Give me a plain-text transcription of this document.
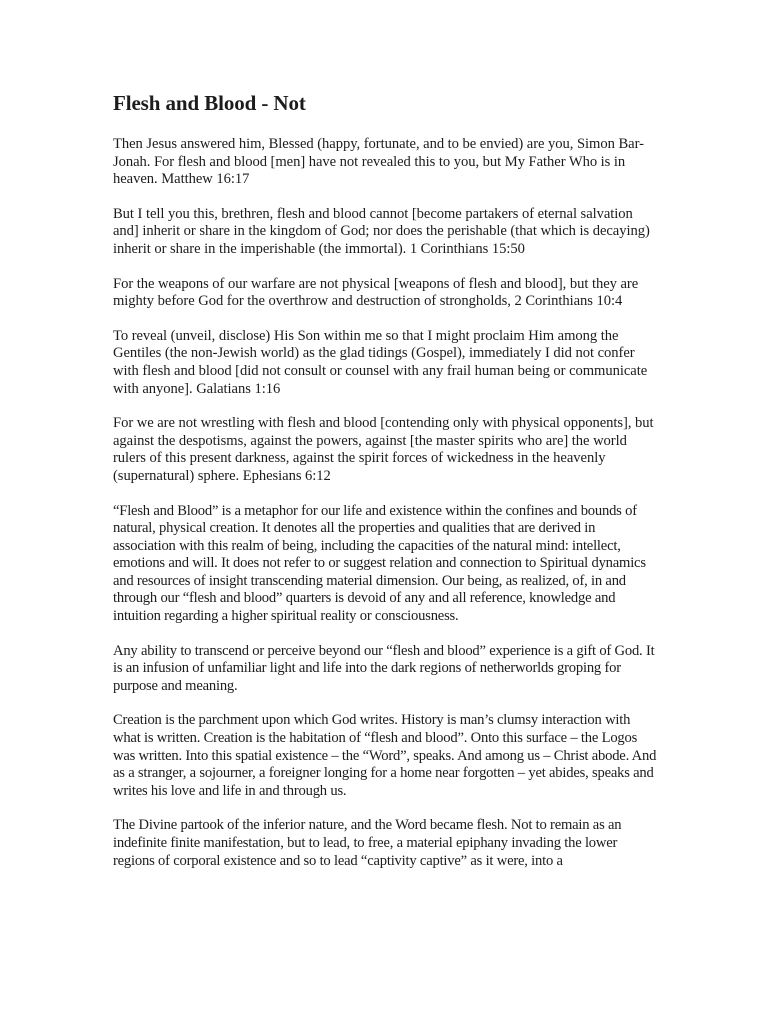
Flesh and Blood - Not

Then Jesus answered him, Blessed (happy, fortunate, and to be envied) are you, Simon Bar-Jonah. For flesh and blood [men] have not revealed this to you, but My Father Who is in heaven. Matthew 16:17

But I tell you this, brethren, flesh and blood cannot [become partakers of eternal salvation and] inherit or share in the kingdom of God; nor does the perishable (that which is decaying) inherit or share in the imperishable (the immortal). 1 Corinthians 15:50

For the weapons of our warfare are not physical [weapons of flesh and blood], but they are mighty before God for the overthrow and destruction of strongholds, 2 Corinthians 10:4

To reveal (unveil, disclose) His Son within me so that I might proclaim Him among the Gentiles (the non-Jewish world) as the glad tidings (Gospel), immediately I did not confer with flesh and blood [did not consult or counsel with any frail human being or communicate with anyone]. Galatians 1:16

For we are not wrestling with flesh and blood [contending only with physical opponents], but against the despotisms, against the powers, against [the master spirits who are] the world rulers of this present darkness, against the spirit forces of wickedness in the heavenly (supernatural) sphere. Ephesians 6:12

“Flesh and Blood” is a metaphor for our life and existence within the confines and bounds of natural, physical creation. It denotes all the properties and qualities that are derived in association with this realm of being, including the capacities of the natural mind: intellect, emotions and will. It does not refer to or suggest relation and connection to Spiritual dynamics and resources of insight transcending material dimension. Our being, as realized, of, in and through our “flesh and blood” quarters is devoid of any and all reference, knowledge and intuition regarding a higher spiritual reality or consciousness.

Any ability to transcend or perceive beyond our “flesh and blood” experience is a gift of God. It is an infusion of unfamiliar light and life into the dark regions of netherworlds groping for purpose and meaning.

Creation is the parchment upon which God writes. History is man’s clumsy interaction with what is written. Creation is the habitation of “flesh and blood”. Onto this surface – the Logos was written. Into this spatial existence – the “Word”, speaks. And among us – Christ abode. And as a stranger, a sojourner, a foreigner longing for a home near forgotten – yet abides, speaks and writes his love and life in and through us.

The Divine partook of the inferior nature, and the Word became flesh. Not to remain as an indefinite finite manifestation, but to lead, to free, a material epiphany invading the lower regions of corporal existence and so to lead “captivity captive” as it were, into a
